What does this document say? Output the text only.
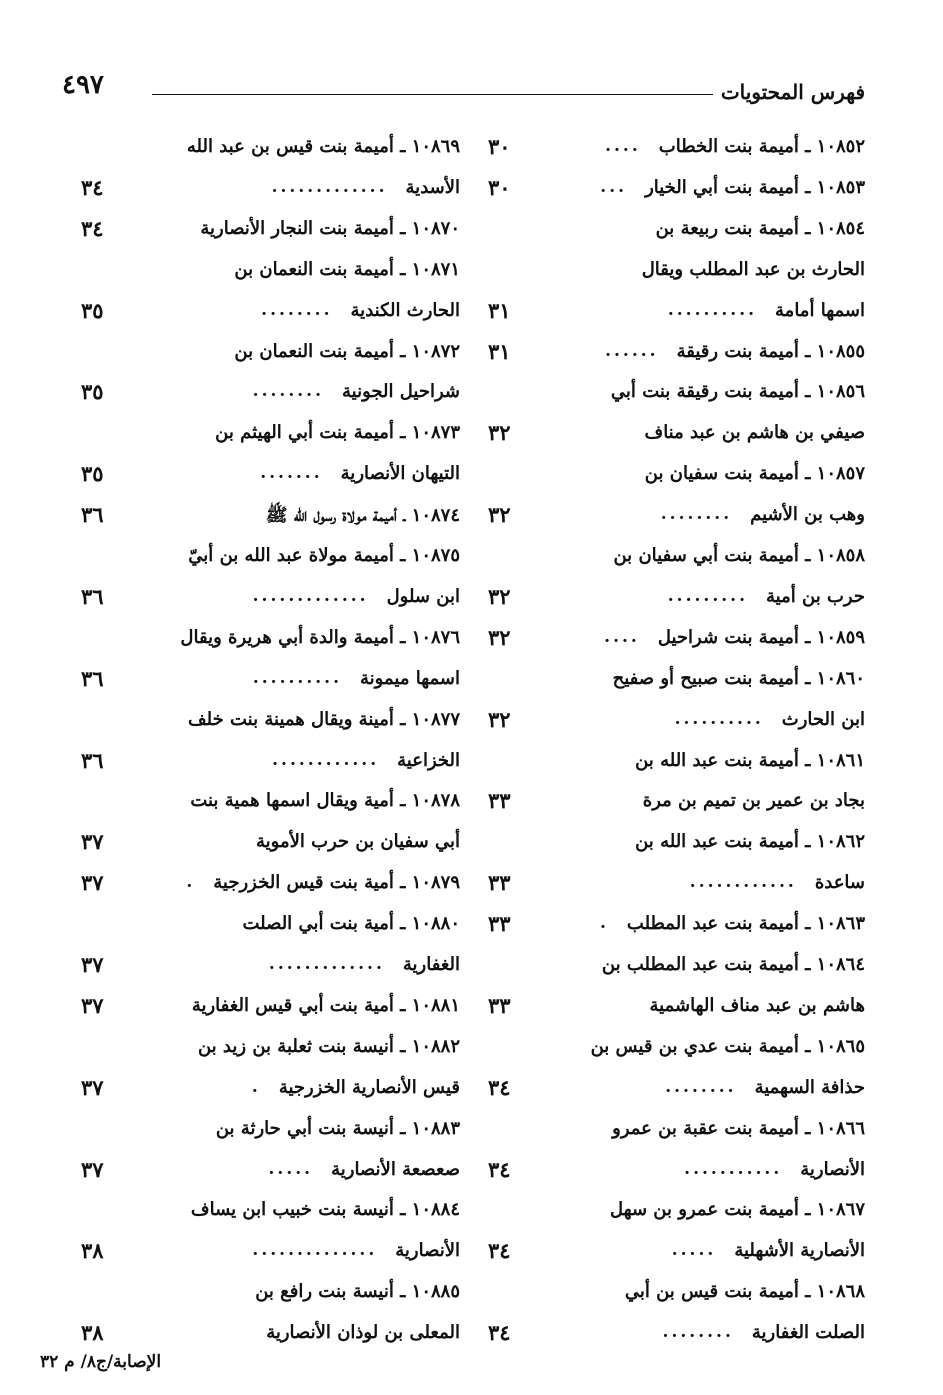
فهرس المحتويات
٤٩٧
١٠٨٥٢ ـ أميمة بنت الخطاب
....
٣٠
١٠٨٥٣ ـ أميمة بنت أبي الخيار
...
٣٠
١٠٨٥٤ ـ أميمة بنت ربيعة بن
الحارث بن عبد المطلب ويقال
اسمها أمامة
..........
٣١
١٠٨٥٥ ـ أميمة بنت رقيقة
......
٣١
١٠٨٥٦ ـ أميمة بنت رقيقة بنت أبي
صيفي بن هاشم بن عبد مناف
٣٢
١٠٨٥٧ ـ أميمة بنت سفيان بن
وهب بن الأشيم
........
٣٢
١٠٨٥٨ ـ أميمة بنت أبي سفيان بن
حرب بن أمية
.........
٣٢
١٠٨٥٩ ـ أميمة بنت شراحيل
....
٣٢
١٠٨٦٠ ـ أميمة بنت صبيح أو صفيح
ابن الحارث
..........
٣٢
١٠٨٦١ ـ أميمة بنت عبد الله بن
بجاد بن عمير بن تميم بن مرة
٣٣
١٠٨٦٢ ـ أميمة بنت عبد الله بن
ساعدة
............
٣٣
١٠٨٦٣ ـ أميمة بنت عبد المطلب
.
٣٣
١٠٨٦٤ ـ أميمة بنت عبد المطلب بن
هاشم بن عبد مناف الهاشمية
٣٣
١٠٨٦٥ ـ أميمة بنت عدي بن قيس بن
حذافة السهمية
........
٣٤
١٠٨٦٦ ـ أميمة بنت عقبة بن عمرو
الأنصارية
...........
٣٤
١٠٨٦٧ ـ أميمة بنت عمرو بن سهل
الأنصارية الأشهلية
.....
٣٤
١٠٨٦٨ ـ أميمة بنت قيس بن أبي
الصلت الغفارية
........
٣٤
١٠٨٦٩ ـ أميمة بنت قيس بن عبد الله
الأسدية
.............
٣٤
١٠٨٧٠ ـ أميمة بنت النجار الأنصارية
٣٤
١٠٨٧١ ـ أميمة بنت النعمان بن
الحارث الكندية
........
٣٥
١٠٨٧٢ ـ أميمة بنت النعمان بن
شراحيل الجونية
........
٣٥
١٠٨٧٣ ـ أميمة بنت أبي الهيثم بن
التيهان الأنصارية
.......
٣٥
١٠٨٧٤ ـ أميمة مولاة رسول الله ﷺ
٣٦
١٠٨٧٥ ـ أميمة مولاة عبد الله بن أبيّ
ابن سلول
.............
٣٦
١٠٨٧٦ ـ أميمة والدة أبي هريرة ويقال
اسمها ميمونة
..........
٣٦
١٠٨٧٧ ـ أمينة ويقال همينة بنت خلف
الخزاعية
............
٣٦
١٠٨٧٨ ـ أمية ويقال اسمها همية بنت
أبي سفيان بن حرب الأموية
٣٧
١٠٨٧٩ ـ أمية بنت قيس الخزرجية
.
٣٧
١٠٨٨٠ ـ أمية بنت أبي الصلت
الغفارية
.............
٣٧
١٠٨٨١ ـ أمية بنت أبي قيس الغفارية
٣٧
١٠٨٨٢ ـ أنيسة بنت ثعلبة بن زيد بن
قيس الأنصارية الخزرجية
.
٣٧
١٠٨٨٣ ـ أنيسة بنت أبي حارثة بن
صعصعة الأنصارية
.....
٣٧
١٠٨٨٤ ـ أنيسة بنت خبيب ابن يساف
الأنصارية
..............
٣٨
١٠٨٨٥ ـ أنيسة بنت رافع بن
المعلى بن لوذان الأنصارية
٣٨
الإصابة/ج٨/ م ٣٢
